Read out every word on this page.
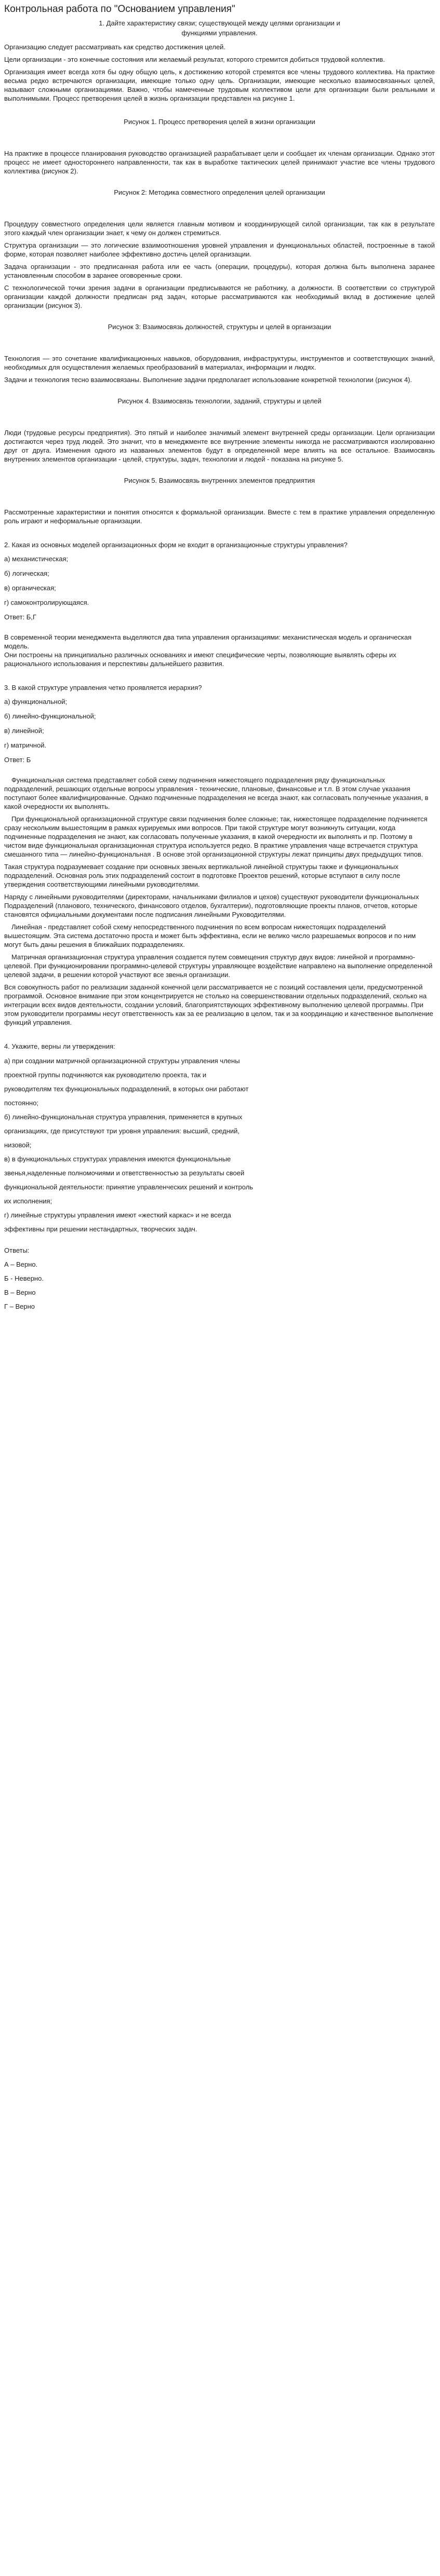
Контрольная работа по "Основанием управления"

1. Дайте характеристику связи; существующей между целями организации и

функциями управления.

Организацию следует рассматривать как средство достижения целей.

Цели организации - это конечные состояния или желаемый результат, которого стремится добиться трудовой коллектив.

Организация имеет всегда хотя бы одну общую цель, к достижению которой стремятся все члены трудового коллектива. На практике весьма редко встречаются организации, имеющие только одну цель. Организации, имеющие несколько взаимосвязанных целей, называют сложными организациями. Важно, чтобы намеченные трудовым коллективом цели для организации были реальными и выполнимыми. Процесс претворения целей в жизнь организации представлен на рисунке 1.

Рисунок 1. Процесс претворения целей в жизни организации

На практике в процессе планирования руководство организацией разрабатывает цели и сообщает их членам организации. Однако этот процесс не имеет одностороннего направленности, так как в выработке тактических целей принимают участие все члены трудового коллектива (рисунок 2).

Рисунок 2: Методика совместного определения целей организации

Процедуру совместного определения цели является главным мотивом и координирующей силой организации, так как в результате этого каждый член организации знает, к чему он должен стремиться.

Структура организации — это логические взаимоотношения уровней управления и функциональных областей, построенные в такой форме, которая позволяет наиболее эффективно достичь целей организации.

Задача организации - это предписанная работа или ее часть (операции, процедуры), которая должна быть выполнена заранее установленным способом в заранее оговоренные сроки.

С технологической точки зрения задачи в организации предписываются не работнику, а должности. В соответствии со структурой организации каждой должности предписан ряд задач, которые рассматриваются как необходимый вклад в достижение целей организации (рисунок 3).

Рисунок 3: Взаимосвязь должностей, структуры и целей в организации

Технология — это сочетание квалификационных навыков, оборудования, инфраструктуры, инструментов и соответствующих знаний, необходимых для осуществления желаемых преобразований в материалах, информации и людях.

Задачи и технология тесно взаимосвязаны. Выполнение задачи предполагает использование конкретной технологии (рисунок 4).

Рисунок 4. Взаимосвязь технологии, заданий, структуры и целей

Люди (трудовые ресурсы предприятия). Это пятый и наиболее значимый элемент внутренней среды организации. Цели организации достигаются через труд людей. Это значит, что в менеджменте все внутренние элементы никогда не рассматриваются изолированно друг от друга. Изменения одного из названных элементов будут в определенной мере влиять на все остальное. Взаимосвязь внутренних элементов организации - целей, структуры, задач, технологии и людей - показана на рисунке 5.

Рисунок 5. Взаимосвязь внутренних элементов предприятия

Рассмотренные характеристики и понятия относятся к формальной организации. Вместе с тем в практике управления определенную роль играют и неформальные организации.

2. Какая из основных моделей организационных форм не входит в организационные структуры управления?

а) механистическая;

б) логическая;

в) органическая;

г) самоконтролирующаяся.

Ответ: Б,Г

В современной теории менеджмента выделяются два типа управления организациями: механистическая модель и органическая модель.

Они построены на принципиально различных основаниях и имеют специфические черты, позволяющие выявлять сферы их рационального использования и перспективы дальнейшего развития.

3. В какой структуре управления четко проявляется иерархия?

а) функциональной;

б) линейно-функциональной;

в) линейной;

г) матричной.

Ответ: Б

Функциональная система представляет собой схему подчинения нижестоящего подразделения ряду функциональных подразделений, решающих отдельные вопросы управления - технические, плановые, финансовые и т.п. В этом случае указания поступают более квалифицированные. Однако подчиненные подразделения не всегда знают, как согласовать полученные указания, в какой очередности их выполнять.

При функциональной организационной структуре связи подчинения более сложные; так, нижестоящее подразделение подчиняется сразу нескольким вышестоящим в рамках курируемых ими вопросов. При такой структуре могут возникнуть ситуации, когда подчиненные подразделения не знают, как согласовать полученные указания, в какой очередности их выполнять и пр. Поэтому в чистом виде функциональная организационная структура используется редко. В практике управления чаще встречается структура смешанного типа — линейно-функциональная . В основе этой организационной структуры лежат принципы двух предыдущих типов.

Такая структура подразумевает создание при основных звеньях вертикальной линейной структуры также и функциональных подразделений. Основная роль этих подразделений состоит в подготовке Проектов решений, которые вступают в силу после утверждения соответствующими линейными руководителями.

Наряду с линейными руководителями (директорами, начальниками филиалов и цехов) существуют руководители функциональных Подразделений (планового, технического, финансового отделов, бухгалтерии), подготовляющие проекты планов, отчетов, которые становятся официальными документами после подписания линейными Руководителями.

Линейная - представляет собой схему непосредственного подчинения по всем вопросам нижестоящих подразделений вышестоящим. Эта система достаточно проста и может быть эффективна, если не велико число разрешаемых вопросов и по ним могут быть даны решения в ближайших подразделениях.

Матричная организационная структура управления создается путем совмещения структур двух видов: линейной и программно-целевой. При функционировании программно-целевой структуры управляющее воздействие направлено на выполнение определенной целевой задачи, в решении которой участвуют все звенья организации.

Вся совокупность работ по реализации заданной конечной цели рассматривается не с позиций составления цели, предусмотренной программой. Основное внимание при этом концентрируется не столько на совершенствовании отдельных подразделений, сколько на интеграции всех видов деятельности, создании условий, благоприятствующих эффективному выполнению целевой программы. При этом руководители программы несут ответственность как за ее реализацию в целом, так и за координацию и качественное выполнение функций управления.

4. Укажите, верны ли утверждения:

а) при создании матричной организационной структуры управления члены

проектной группы подчиняются как руководителю проекта, так и

руководителям тех функциональных подразделений, в которых они работают

постоянно;

б) линейно-функциональная структура управления, применяется в крупных

организациях, где присутствуют три уровня управления: высший, средний,

низовой;

в) в функциональных структурах управления имеются функциональные

звенья,наделенные полномочиями и ответственностью за результаты своей

функциональной деятельности: принятие управленческих решений и контроль

их исполнения;

г) линейные структуры управления имеют «жесткий каркас» и не всегда

эффективны при решении нестандартных, творческих задач.

Ответы:

А – Верно.

Б - Неверно.

В – Верно

Г – Верно
